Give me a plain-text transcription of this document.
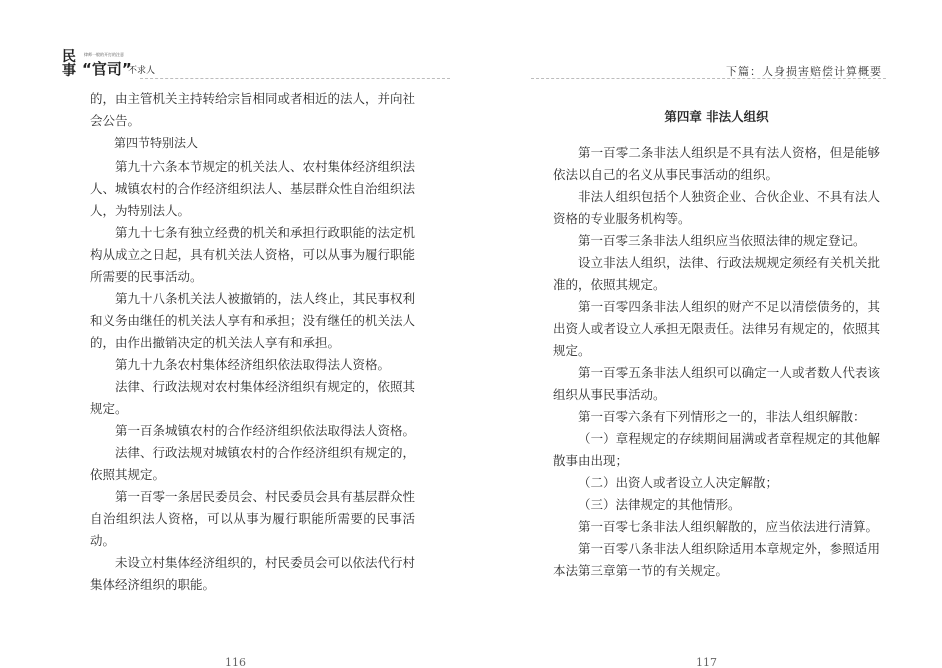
民事
律师一般的开打的注意
“官司”
不求人

的，由主管机关主持转给宗旨相同或者相近的法人，并向社会公告。

第四节特别法人

第九十六条本节规定的机关法人、农村集体经济组织法人、城镇农村的合作经济组织法人、基层群众性自治组织法人，为特别法人。

第九十七条有独立经费的机关和承担行政职能的法定机构从成立之日起，具有机关法人资格，可以从事为履行职能所需要的民事活动。

第九十八条机关法人被撤销的，法人终止，其民事权利和义务由继任的机关法人享有和承担；没有继任的机关法人的，由作出撤销决定的机关法人享有和承担。

第九十九条农村集体经济组织依法取得法人资格。

法律、行政法规对农村集体经济组织有规定的，依照其规定。

第一百条城镇农村的合作经济组织依法取得法人资格。

法律、行政法规对城镇农村的合作经济组织有规定的，依照其规定。

第一百零一条居民委员会、村民委员会具有基层群众性自治组织法人资格，可以从事为履行职能所需要的民事活动。

未设立村集体经济组织的，村民委员会可以依法代行村集体经济组织的职能。

116
下篇：人身损害赔偿计算概要
第四章 非法人组织

第一百零二条非法人组织是不具有法人资格，但是能够依法以自己的名义从事民事活动的组织。

非法人组织包括个人独资企业、合伙企业、不具有法人资格的专业服务机构等。

第一百零三条非法人组织应当依照法律的规定登记。

设立非法人组织，法律、行政法规规定须经有关机关批准的，依照其规定。

第一百零四条非法人组织的财产不足以清偿债务的，其出资人或者设立人承担无限责任。法律另有规定的，依照其规定。

第一百零五条非法人组织可以确定一人或者数人代表该组织从事民事活动。

第一百零六条有下列情形之一的，非法人组织解散：

（一）章程规定的存续期间届满或者章程规定的其他解散事由出现；

（二）出资人或者设立人决定解散；

（三）法律规定的其他情形。

第一百零七条非法人组织解散的，应当依法进行清算。

第一百零八条非法人组织除适用本章规定外，参照适用本法第三章第一节的有关规定。

117
